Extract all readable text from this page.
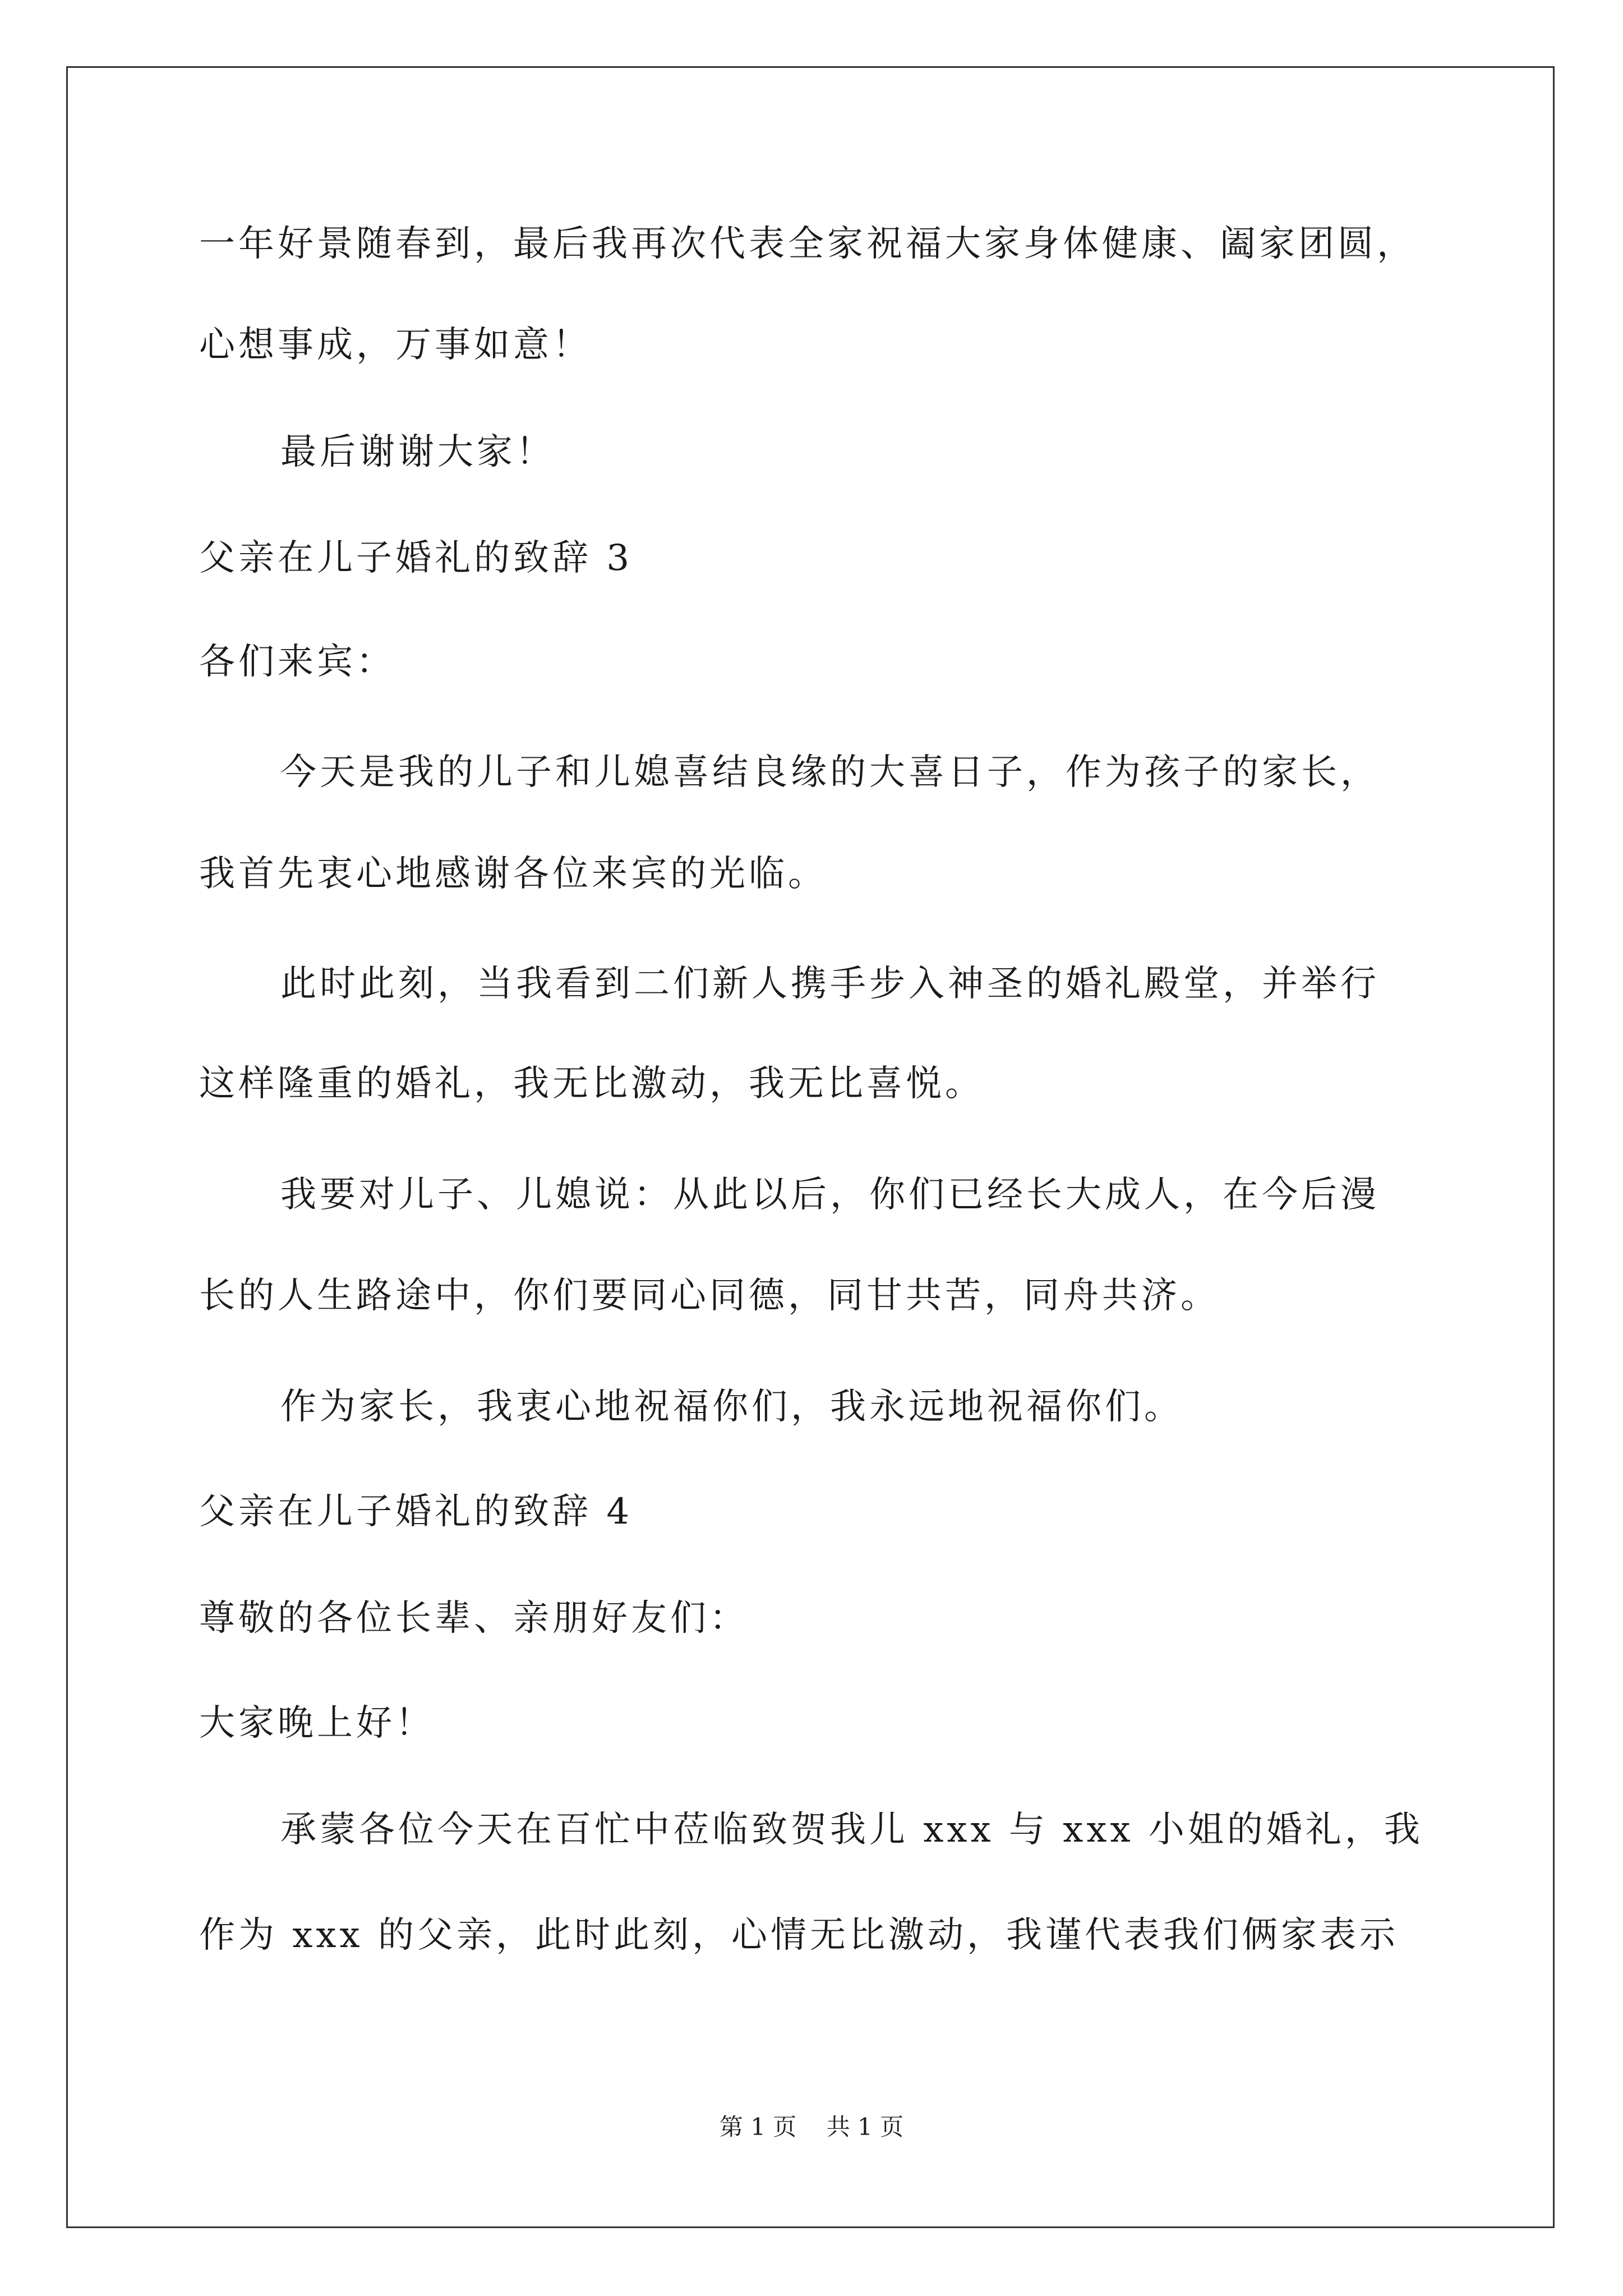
一年好景随春到，最后我再次代表全家祝福大家身体健康、阖家团圆，
心想事成，万事如意！
最后谢谢大家！
父亲在儿子婚礼的致辞 3
各们来宾：
今天是我的儿子和儿媳喜结良缘的大喜日子，作为孩子的家长，
我首先衷心地感谢各位来宾的光临。
此时此刻，当我看到二们新人携手步入神圣的婚礼殿堂，并举行
这样隆重的婚礼，我无比激动，我无比喜悦。
我要对儿子、儿媳说：从此以后，你们已经长大成人，在今后漫
长的人生路途中，你们要同心同德，同甘共苦，同舟共济。
作为家长，我衷心地祝福你们，我永远地祝福你们。
父亲在儿子婚礼的致辞 4
尊敬的各位长辈、亲朋好友们：
大家晚上好！
承蒙各位今天在百忙中莅临致贺我儿 xxx 与 xxx 小姐的婚礼，我
作为 xxx 的父亲，此时此刻，心情无比激动，我谨代表我们俩家表示
第 1 页    共 1 页
